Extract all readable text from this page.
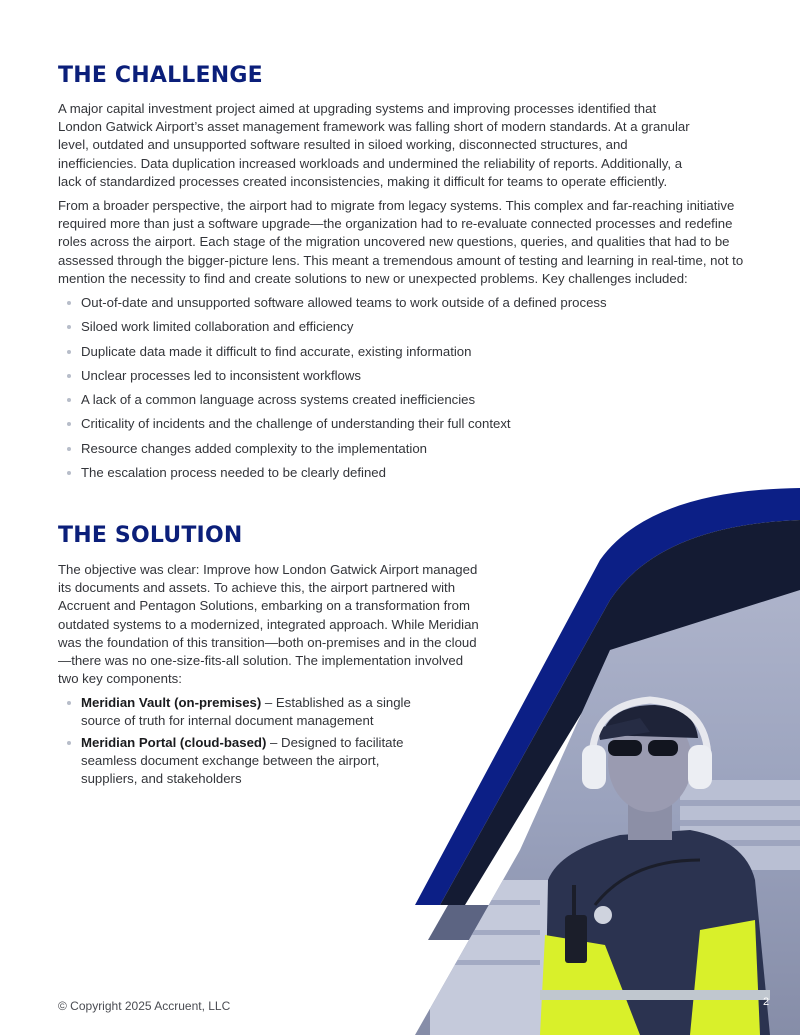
THE CHALLENGE

A major capital investment project aimed at upgrading systems and improving processes identified that London Gatwick Airport’s asset management framework was falling short of modern standards. At a granular level, outdated and unsupported software resulted in siloed working, disconnected structures, and inefficiencies. Data duplication increased workloads and undermined the reliability of reports. Additionally, a lack of standardized processes created inconsistencies, making it difficult for teams to operate efficiently.

From a broader perspective, the airport had to migrate from legacy systems. This complex and far-reaching initiative required more than just a software upgrade—the organization had to re-evaluate connected processes and redefine roles across the airport. Each stage of the migration uncovered new questions, queries, and qualities that had to be assessed through the bigger-picture lens. This meant a tremendous amount of testing and learning in real-time, not to mention the necessity to find and create solutions to new or unexpected problems. Key challenges included:

Out-of-date and unsupported software allowed teams to work outside of a defined process
Siloed work limited collaboration and efficiency
Duplicate data made it difficult to find accurate, existing information
Unclear processes led to inconsistent workflows
A lack of a common language across systems created inefficiencies
Criticality of incidents and the challenge of understanding their full context
Resource changes added complexity to the implementation
The escalation process needed to be clearly defined
THE SOLUTION

The objective was clear: Improve how London Gatwick Airport managed its documents and assets. To achieve this, the airport partnered with Accruent and Pentagon Solutions, embarking on a transformation from outdated systems to a modernized, integrated approach. While Meridian was the foundation of this transition—both on-premises and in the cloud—there was no one-size-fits-all solution. The implementation involved two key components:

Meridian Vault (on-premises) – Established as a single source of truth for internal document management
Meridian Portal (cloud-based) – Designed to facilitate seamless document exchange between the airport, suppliers, and stakeholders
© Copyright 2025 Accruent, LLC	2
